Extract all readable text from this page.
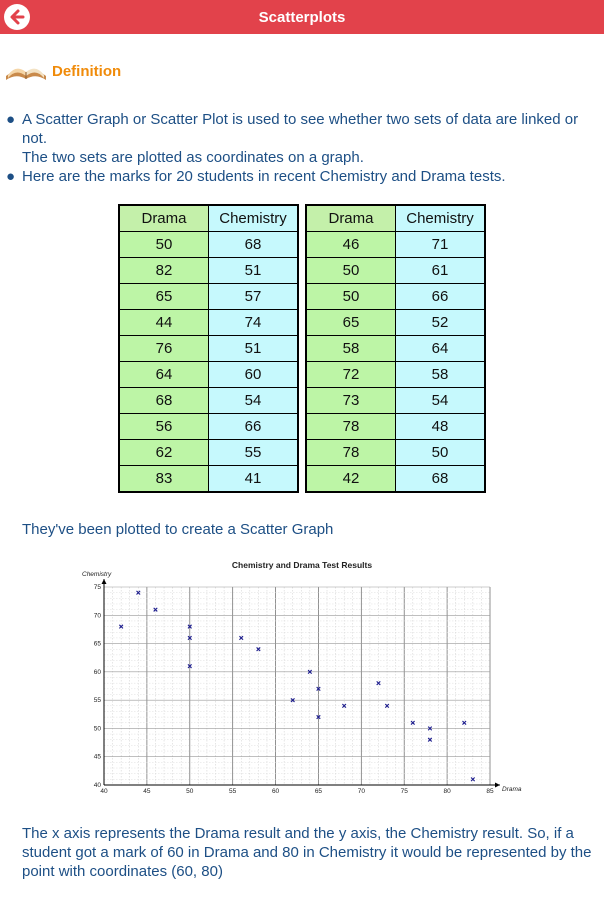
Scatterplots
Definition
● A Scatter Graph or Scatter Plot is used to see whether two sets of data are linked or not.
The two sets are plotted as coordinates on a graph.
● Here are the marks for 20 students in recent Chemistry and Drama tests.
Drama	Chemistry
50	68
82	51
65	57
44	74
76	51
64	60
68	54
56	66
62	55
83	41
Drama	Chemistry
46	71
50	61
50	66
65	52
58	64
72	58
73	54
78	48
78	50
42	68
They've been plotted to create a Scatter Graph
Chemistry and Drama Test Results
40	45	50	55	60	65	70	75	80	85
40
45
50
55
60
65
70
75
Drama
Chemistry
The x axis represents the Drama result and the y axis, the Chemistry result. So, if a student got a mark of 60 in Drama and 80 in Chemistry it would be represented by the point with coordinates (60, 80)
